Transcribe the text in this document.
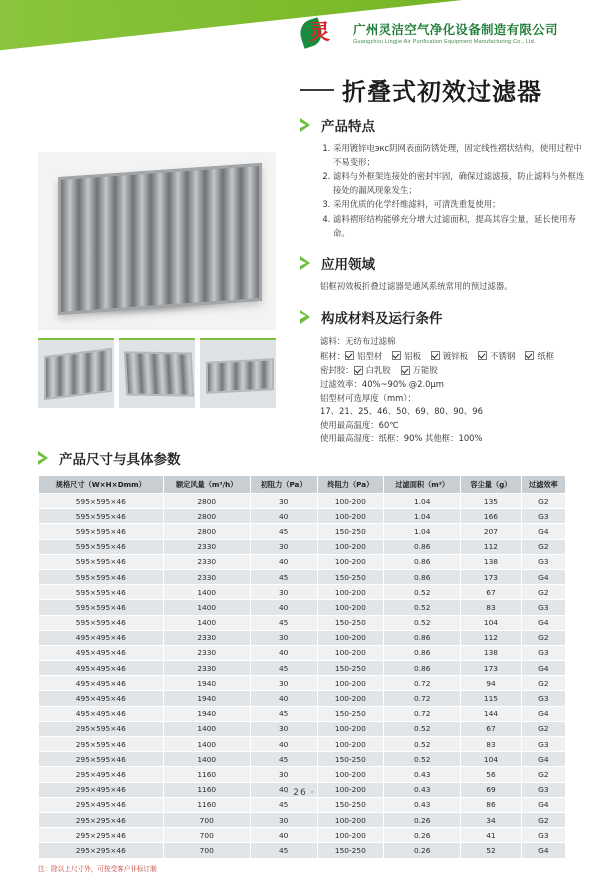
灵 广州灵洁空气净化设备制造有限公司
Guangzhou Lingjie Air Purification Equipment Manufacturing Co., Ltd.
折叠式初效过滤器
产品特点
1. 采用镀锌电экс阴网表面防锈处理，固定线性褶状结构，使用过程中不易变形；
2. 滤料与外框架连接处的密封牢固，确保过滤滤接，防止滤料与外框连接处的漏风现象发生；
3. 采用优质的化学纤维滤料，可清洗重复使用；
4. 滤料褶形结构能够充分增大过滤面积，提高其容尘量，延长使用寿命。
应用领域
铝框初效板折叠过滤器是通风系统常用的预过滤器。
构成材料及运行条件
滤料： 无纺布过滤棉
框材： 铝型材	铝板	镀锌板	不锈钢	纸框
密封胶： 白乳胶	万能胶
过滤效率：40%~90% @2.0μm
铝型材可选厚度（mm）：
17、21、25、46、50、69、80、90、96
使用最高温度：60℃
使用最高湿度：纸框：90% 其他框：100%
产品尺寸与具体参数
规格尺寸（W×H×Dmm）	额定风量（m³/h）	初阻力（Pa）	终阻力（Pa）	过滤面积（m²）	容尘量（g）	过滤效率
595×595×46	2800	30	100-200	1.04	135	G2
595×595×46	2800	40	100-200	1.04	166	G3
595×595×46	2800	45	150-250	1.04	207	G4
595×595×46	2330	30	100-200	0.86	112	G2
595×595×46	2330	40	100-200	0.86	138	G3
595×595×46	2330	45	150-250	0.86	173	G4
595×595×46	1400	30	100-200	0.52	67	G2
595×595×46	1400	40	100-200	0.52	83	G3
595×595×46	1400	45	150-250	0.52	104	G4
495×495×46	2330	30	100-200	0.86	112	G2
495×495×46	2330	40	100-200	0.86	138	G3
495×495×46	2330	45	150-250	0.86	173	G4
495×495×46	1940	30	100-200	0.72	94	G2
495×495×46	1940	40	100-200	0.72	115	G3
495×495×46	1940	45	150-250	0.72	144	G4
295×595×46	1400	30	100-200	0.52	67	G2
295×595×46	1400	40	100-200	0.52	83	G3
295×595×46	1400	45	150-250	0.52	104	G4
295×495×46	1160	30	100-200	0.43	56	G2
295×495×46	1160	40	100-200	0.43	69	G3
295×495×46	1160	45	150-250	0.43	86	G4
295×295×46	700	30	100-200	0.26	34	G2
295×295×46	700	40	100-200	0.26	41	G3
295×295×46	700	45	150-250	0.26	52	G4
注：除以上尺寸外，可按受客户非标订制
· 26 ·
